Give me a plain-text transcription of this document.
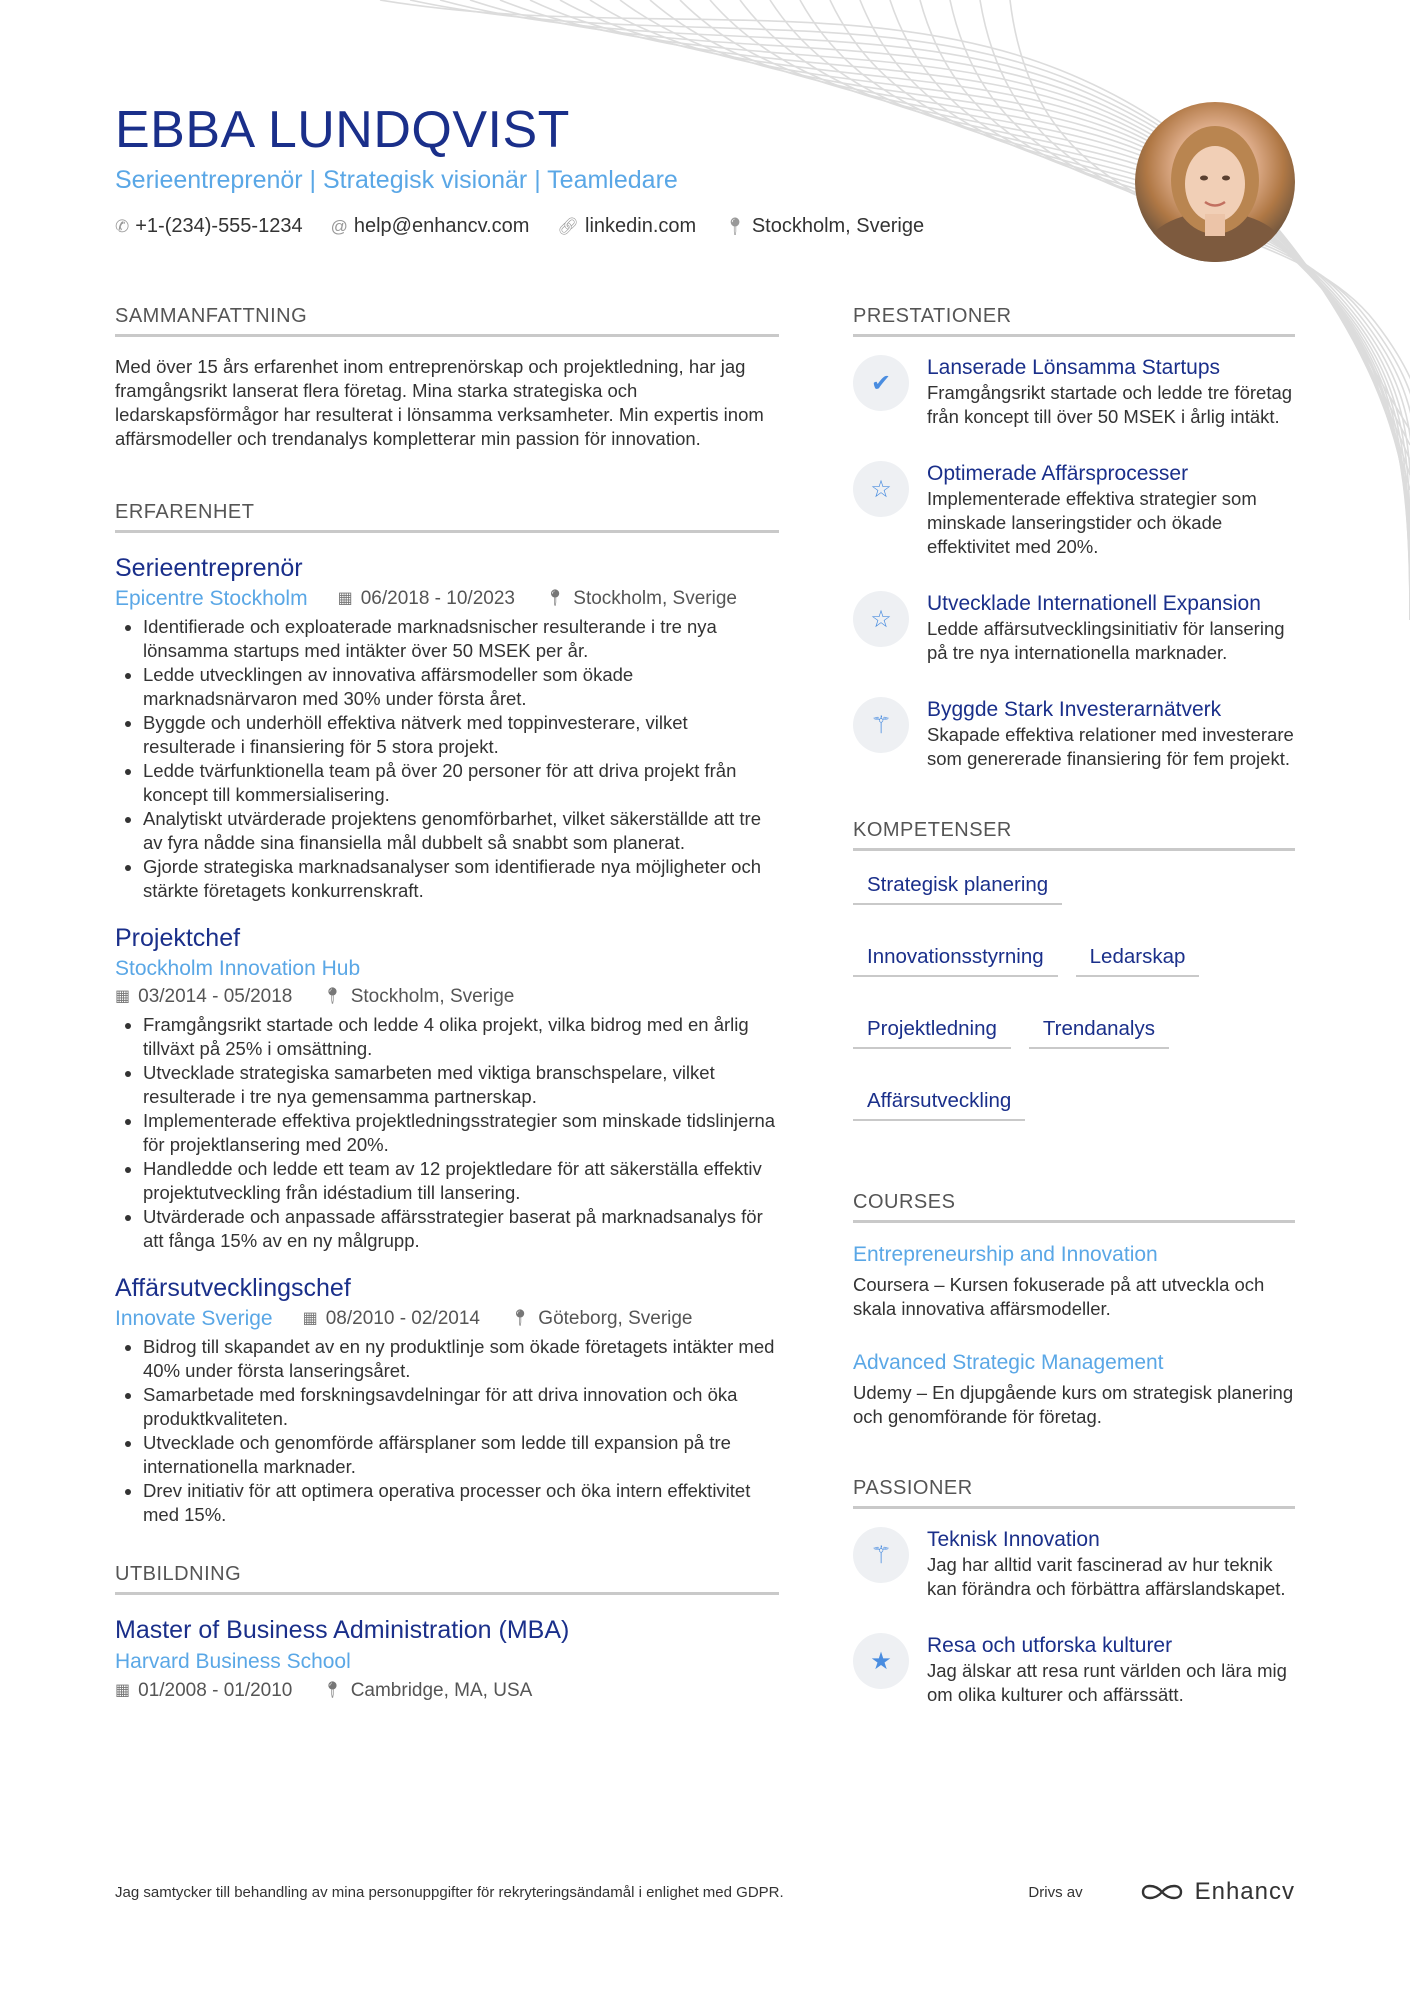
EBBA LUNDQVIST
Serieentreprenör | Strategisk visionär | Teamledare
✆ +1-(234)-555-1234 @ help@enhancv.com 🔗︎ linkedin.com 📍︎ Stockholm, Sverige
SAMMANFATTNING

Med över 15 års erfarenhet inom entreprenörskap och projektledning, har jag framgångsrikt lanserat flera företag. Mina starka strategiska och ledarskapsförmågor har resulterat i lönsamma verksamheter. Min expertis inom affärsmodeller och trendanalys kompletterar min passion för innovation.

ERFARENHET
Serieentreprenör
Epicentre Stockholm ▦ 06/2018 - 10/2023 📍︎ Stockholm, Sverige
• Identifierade och exploaterade marknadsnischer resulterande i tre nya lönsamma startups med intäkter över 50 MSEK per år.
• Ledde utvecklingen av innovativa affärsmodeller som ökade marknadsnärvaron med 30% under första året.
• Byggde och underhöll effektiva nätverk med toppinvesterare, vilket resulterade i finansiering för 5 stora projekt.
• Ledde tvärfunktionella team på över 20 personer för att driva projekt från koncept till kommersialisering.
• Analytiskt utvärderade projektens genomförbarhet, vilket säkerställde att tre av fyra nådde sina finansiella mål dubbelt så snabbt som planerat.
• Gjorde strategiska marknadsanalyser som identifierade nya möjligheter och stärkte företagets konkurrenskraft.
Projektchef
Stockholm Innovation Hub
▦ 03/2014 - 05/2018 📍︎ Stockholm, Sverige
• Framgångsrikt startade och ledde 4 olika projekt, vilka bidrog med en årlig tillväxt på 25% i omsättning.
• Utvecklade strategiska samarbeten med viktiga branschspelare, vilket resulterade i tre nya gemensamma partnerskap.
• Implementerade effektiva projektledningsstrategier som minskade tidslinjerna för projektlansering med 20%.
• Handledde och ledde ett team av 12 projektledare för att säkerställa effektiv projektutveckling från idéstadium till lansering.
• Utvärderade och anpassade affärsstrategier baserat på marknadsanalys för att fånga 15% av en ny målgrupp.
Affärsutvecklingschef
Innovate Sverige ▦ 08/2010 - 02/2014 📍︎ Göteborg, Sverige
• Bidrog till skapandet av en ny produktlinje som ökade företagets intäkter med 40% under första lanseringsåret.
• Samarbetade med forskningsavdelningar för att driva innovation och öka produktkvaliteten.
• Utvecklade och genomförde affärsplaner som ledde till expansion på tre internationella marknader.
• Drev initiativ för att optimera operativa processer och öka intern effektivitet med 15%.
UTBILDNING
Master of Business Administration (MBA)
Harvard Business School
▦ 01/2008 - 01/2010 📍︎ Cambridge, MA, USA
PRESTATIONER
✔
Lanserade Lönsamma Startups
Framgångsrikt startade och ledde tre företag från koncept till över 50 MSEK i årlig intäkt.
☆
Optimerade Affärsprocesser
Implementerade effektiva strategier som minskade lanseringstider och ökade effektivitet med 20%.
☆
Utvecklade Internationell Expansion
Ledde affärsutvecklingsinitiativ för lansering på tre nya internationella marknader.
⚚
Byggde Stark Investerarnätverk
Skapade effektiva relationer med investerare som genererade finansiering för fem projekt.
KOMPETENSER
Strategisk planering
Innovationsstyrning	Ledarskap
Projektledning	Trendanalys
Affärsutveckling
COURSES
Entrepreneurship and Innovation
Coursera – Kursen fokuserade på att utveckla och skala innovativa affärsmodeller.
Advanced Strategic Management
Udemy – En djupgående kurs om strategisk planering och genomförande för företag.
PASSIONER
⚚
Teknisk Innovation
Jag har alltid varit fascinerad av hur teknik kan förändra och förbättra affärslandskapet.
★
Resa och utforska kulturer
Jag älskar att resa runt världen och lära mig om olika kulturer och affärssätt.
Jag samtycker till behandling av mina personuppgifter för rekryteringsändamål i enlighet med GDPR.	Drivs av	Enhancv
